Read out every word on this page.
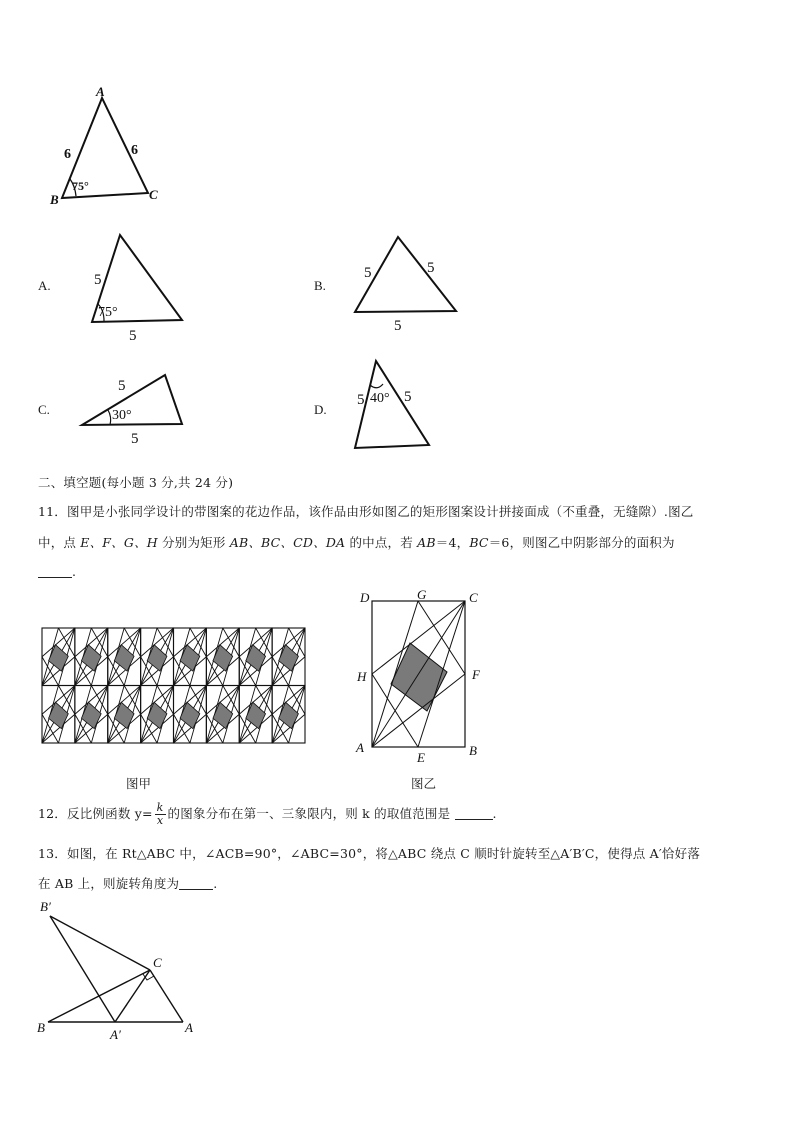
A
B	C
6	6
75°
A.	5
75°
5
B.
5	5
5
C.
5
30°
5
D.
5 40° 5
二、填空题(每小题 3 分,共 24 分)
11．图甲是小张同学设计的带图案的花边作品，该作品由形如图乙的矩形图案设计拼接面成（不重叠，无缝隙）.图乙
中，点 E、F、G、H 分别为矩形 AB、BC、CD、DA 的中点，若 AB＝4，BC＝6，则图乙中阴影部分的面积为
.
图甲
D	G	C
H	F
A
E	B
图乙
12．反比例函数 $y= \frac{k}{x}$ 的图象分布在第一、三象限内，则 k 的取值范围是	.
13．如图，在 Rt△ABC 中，∠ACB=90°，∠ABC=30°，将△ABC 绕点 C 顺时针旋转至△A′B′C，使得点 A′恰好落
在 AB 上，则旋转角度为	.
B′
C
B	A′	A
